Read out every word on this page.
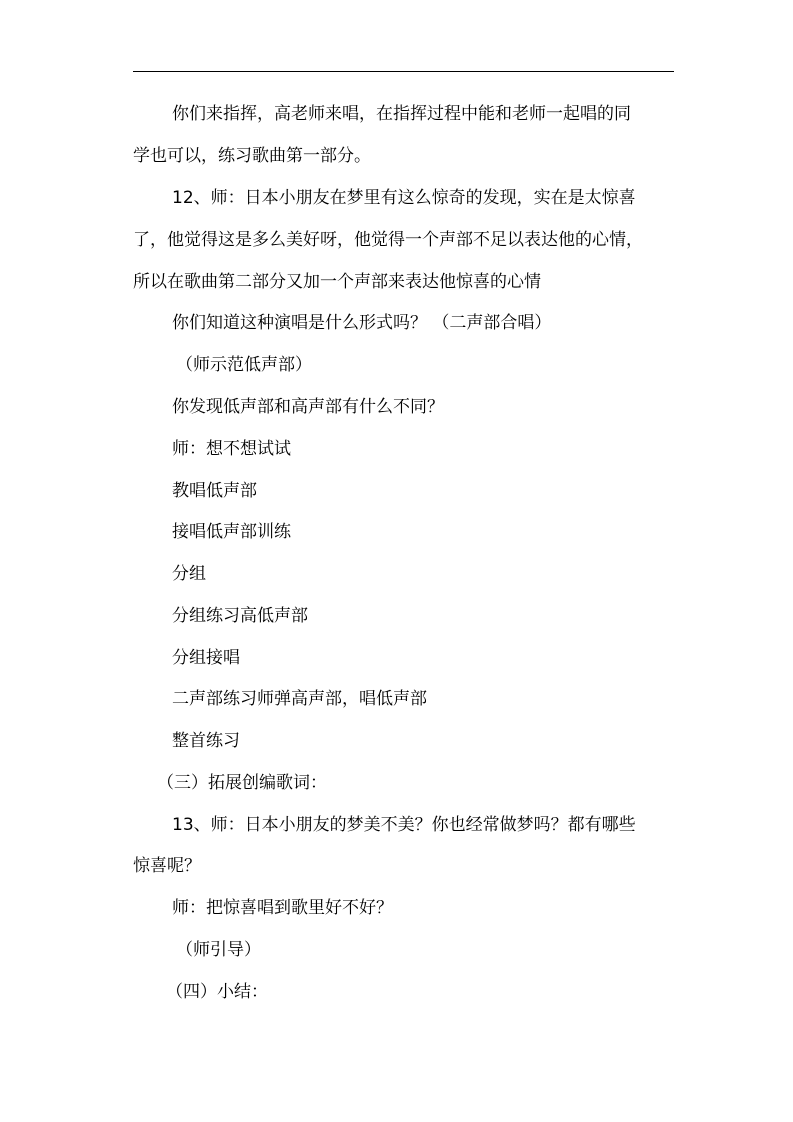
你们来指挥，高老师来唱，在指挥过程中能和老师一起唱的同
学也可以，练习歌曲第一部分。
12、师：日本小朋友在梦里有这么惊奇的发现，实在是太惊喜
了，他觉得这是多么美好呀，他觉得一个声部不足以表达他的心情，
所以在歌曲第二部分又加一个声部来表达他惊喜的心情
你们知道这种演唱是什么形式吗？ （二声部合唱）
（师示范低声部）
你发现低声部和高声部有什么不同？
师：想不想试试
教唱低声部
接唱低声部训练
分组
分组练习高低声部
分组接唱
二声部练习师弹高声部，唱低声部
整首练习
（三）拓展创编歌词：
13、师：日本小朋友的梦美不美？你也经常做梦吗？都有哪些
惊喜呢？
师：把惊喜唱到歌里好不好？
（师引导）
（四）小结：
